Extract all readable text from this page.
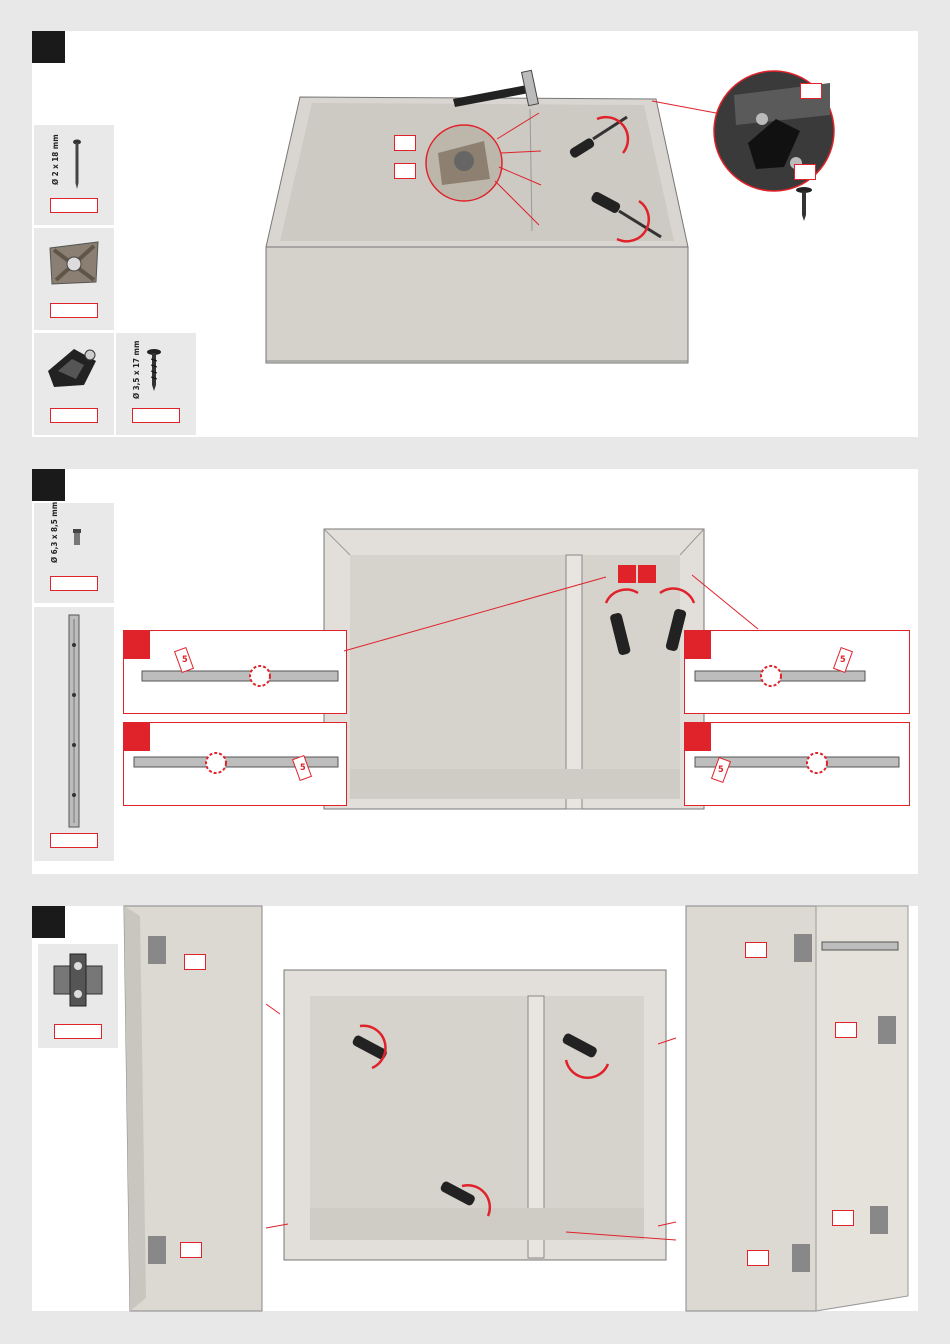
Ø 2 x 18 mm
Ø 3,5 x 17 mm
Ø 6,3 x 8,5 mm
5
5
5
5
